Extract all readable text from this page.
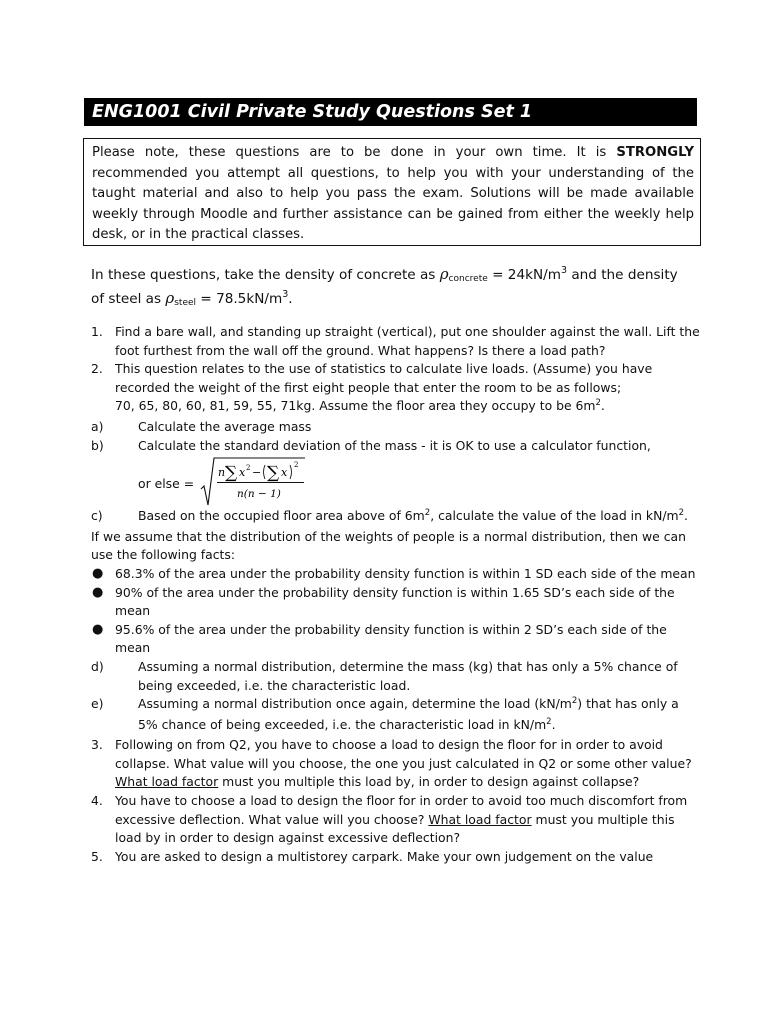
ENG1001 Civil Private Study Questions Set 1
Please note, these questions are to be done in your own time. It is STRONGLY recommended you attempt all questions, to help you with your understanding of the taught material and also to help you pass the exam. Solutions will be made available weekly through Moodle and further assistance can be gained from either the weekly help desk, or in the practical classes.
In these questions, take the density of concrete as ρconcrete = $24kN/m^3$ and the density of steel as ρsteel = $78.5kN/m^3$.
1. Find a bare wall, and standing up straight (vertical), put one shoulder against the wall. Lift the foot furthest from the wall off the ground. What happens? Is there a load path?
2. This question relates to the use of statistics to calculate live loads. (Assume) you have recorded the weight of the first eight people that enter the room to be as follows;
70, 65, 80, 60, 81, 59, 55, 71kg. Assume the floor area they occupy to be $6m^2$.
a)	Calculate the average mass
b)	Calculate the standard deviation of the mass - it is OK to use a calculator function,
or else =
n ∑ x 2 − ∑ x
2
n(n − 1)
c)	Based on the occupied floor area above of $6m^2$, calculate the value of the load in $kN/m^2$.
If we assume that the distribution of the weights of people is a normal distribution, then we can use the following facts:
● 68.3% of the area under the probability density function is within 1 SD each side of the mean
● 90% of the area under the probability density function is within 1.65 SD’s each side of the mean
● 95.6% of the area under the probability density function is within 2 SD’s each side of the mean
d)	Assuming a normal distribution, determine the mass (kg) that has only a 5% chance of being exceeded, i.e. the characteristic load.
e)	Assuming a normal distribution once again, determine the load $(kN/m^2)$ that has only a 5% chance of being exceeded, i.e. the characteristic load in $kN/m^2$.
3. Following on from Q2, you have to choose a load to design the floor for in order to avoid collapse. What value will you choose, the one you just calculated in Q2 or some other value? What load factor must you multiple this load by, in order to design against collapse?
4. You have to choose a load to design the floor for in order to avoid too much discomfort from excessive deflection. What value will you choose? What load factor must you multiple this load by in order to design against excessive deflection?
5. You are asked to design a multistorey carpark. Make your own judgement on the value
